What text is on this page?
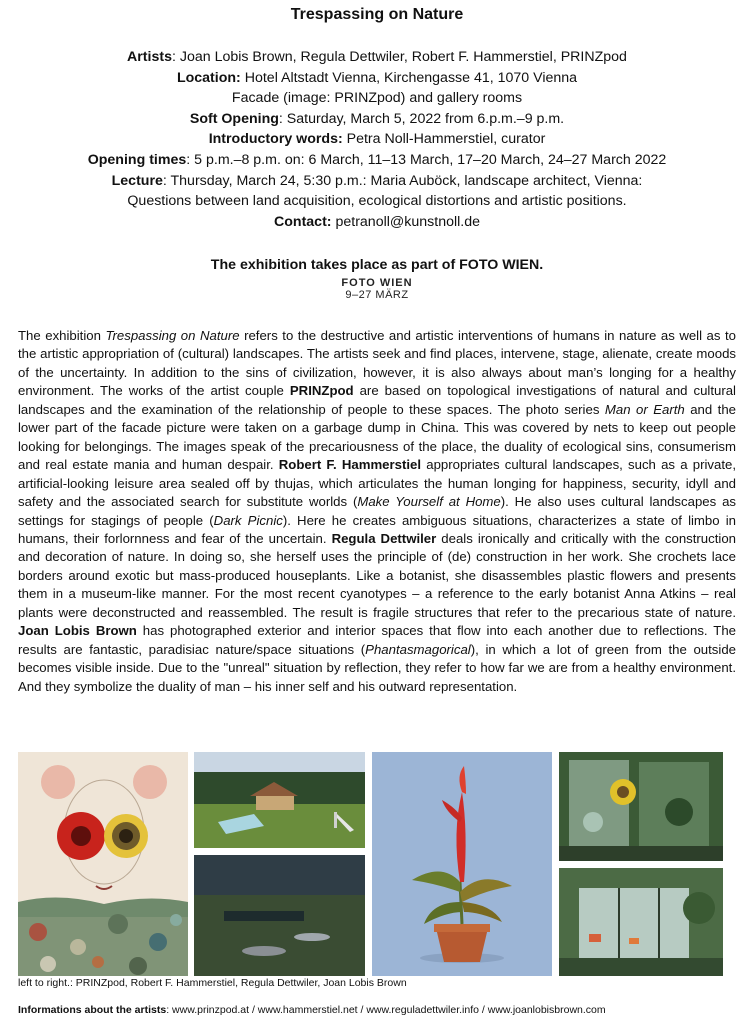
Trespassing on Nature
Artists: Joan Lobis Brown, Regula Dettwiler, Robert F. Hammerstiel, PRINZpod
Location: Hotel Altstadt Vienna, Kirchengasse 41, 1070 Vienna
Facade (image: PRINZpod) and gallery rooms
Soft Opening: Saturday, March 5, 2022 from 6.p.m.–9 p.m.
Introductory words: Petra Noll-Hammerstiel, curator
Opening times: 5 p.m.–8 p.m. on: 6 March, 11–13 March, 17–20 March, 24–27 March 2022
Lecture: Thursday, March 24, 5:30 p.m.: Maria Auböck, landscape architect, Vienna:
Questions between land acquisition, ecological distortions and artistic positions.
Contact: petranoll@kunstnoll.de
The exhibition takes place as part of FOTO WIEN.
FOTO WIEN
9–27 MÄRZ
The exhibition Trespassing on Nature refers to the destructive and artistic interventions of humans in nature as well as to the artistic appropriation of (cultural) landscapes. The artists seek and find places, intervene, stage, alienate, create moods of the uncertainty. In addition to the sins of civilization, however, it is also always about man’s longing for a healthy environment. The works of the artist couple PRINZpod are based on topological investigations of natural and cultural landscapes and the examination of the relationship of people to these spaces. The photo series Man or Earth and the lower part of the facade picture were taken on a garbage dump in China. This was covered by nets to keep out people looking for belongings. The images speak of the precariousness of the place, the duality of ecological sins, consumerism and real estate mania and human despair. Robert F. Hammerstiel appropriates cultural landscapes, such as a private, artificial-looking leisure area sealed off by thujas, which articulates the human longing for happiness, security, idyll and safety and the associated search for substitute worlds (Make Yourself at Home). He also uses cultural landscapes as settings for stagings of people (Dark Picnic). Here he creates ambiguous situations, characterizes a state of limbo in humans, their forlornness and fear of the uncertain. Regula Dettwiler deals ironically and critically with the construction and decoration of nature. In doing so, she herself uses the principle of (de) construction in her work. She crochets lace borders around exotic but mass-produced houseplants. Like a botanist, she disassembles plastic flowers and presents them in a museum-like manner. For the most recent cyanotypes – a reference to the early botanist Anna Atkins – real plants were deconstructed and reassembled. The result is fragile structures that refer to the precarious state of nature. Joan Lobis Brown has photographed exterior and interior spaces that flow into each another due to reflections. The results are fantastic, paradisiac nature/space situations (Phantasmagorical), in which a lot of green from the outside becomes visible inside. Due to the "unreal" situation by reflection, they refer to how far we are from a healthy environment. And they symbolize the duality of man – his inner self and his outward representation.
left to right.: PRINZpod, Robert F. Hammerstiel, Regula Dettwiler, Joan Lobis Brown
Informations about the artists: www.prinzpod.at / www.hammerstiel.net / www.reguladettwiler.info / www.joanlobisbrown.com
